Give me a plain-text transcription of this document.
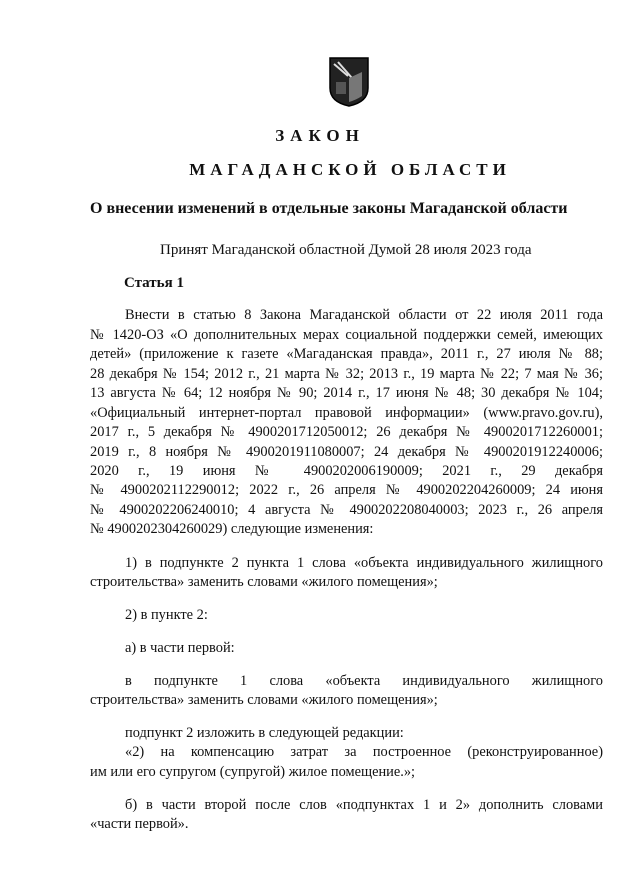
ЗАКОН
МАГАДАНСКОЙ ОБЛАСТИ
О внесении изменений в отдельные законы Магаданской области
Принят Магаданской областной Думой 28 июля 2023 года
Статья 1
Внести в статью 8 Закона Магаданской области от 22 июля 2011 года
№ 1420-ОЗ «О дополнительных мерах социальной поддержки семей, имеющих
детей» (приложение к газете «Магаданская правда», 2011 г., 27 июля № 88;
28 декабря № 154; 2012 г., 21 марта № 32; 2013 г., 19 марта № 22; 7 мая № 36;
13 августа № 64; 12 ноября № 90; 2014 г., 17 июня № 48; 30 декабря № 104;
«Официальный интернет-портал правовой информации» (www.pravo.gov.ru),
2017 г., 5 декабря № 4900201712050012; 26 декабря № 4900201712260001;
2019 г., 8 ноября № 4900201911080007; 24 декабря № 4900201912240006;
2020 г., 19 июня № 4900202006190009; 2021 г., 29 декабря
№ 4900202112290012; 2022 г., 26 апреля № 4900202204260009; 24 июня
№ 4900202206240010; 4 августа № 4900202208040003; 2023 г., 26 апреля
№ 4900202304260029) следующие изменения:
1) в подпункте 2 пункта 1 слова «объекта индивидуального жилищного
строительства» заменить словами «жилого помещения»;
2) в пункте 2:
а) в части первой:
в подпункте 1 слова «объекта индивидуального жилищного
строительства» заменить словами «жилого помещения»;
подпункт 2 изложить в следующей редакции:
«2) на компенсацию затрат за построенное (реконструированное)
им или его супругом (супругой) жилое помещение.»;
б) в части второй после слов «подпунктах 1 и 2» дополнить словами
«части первой».
